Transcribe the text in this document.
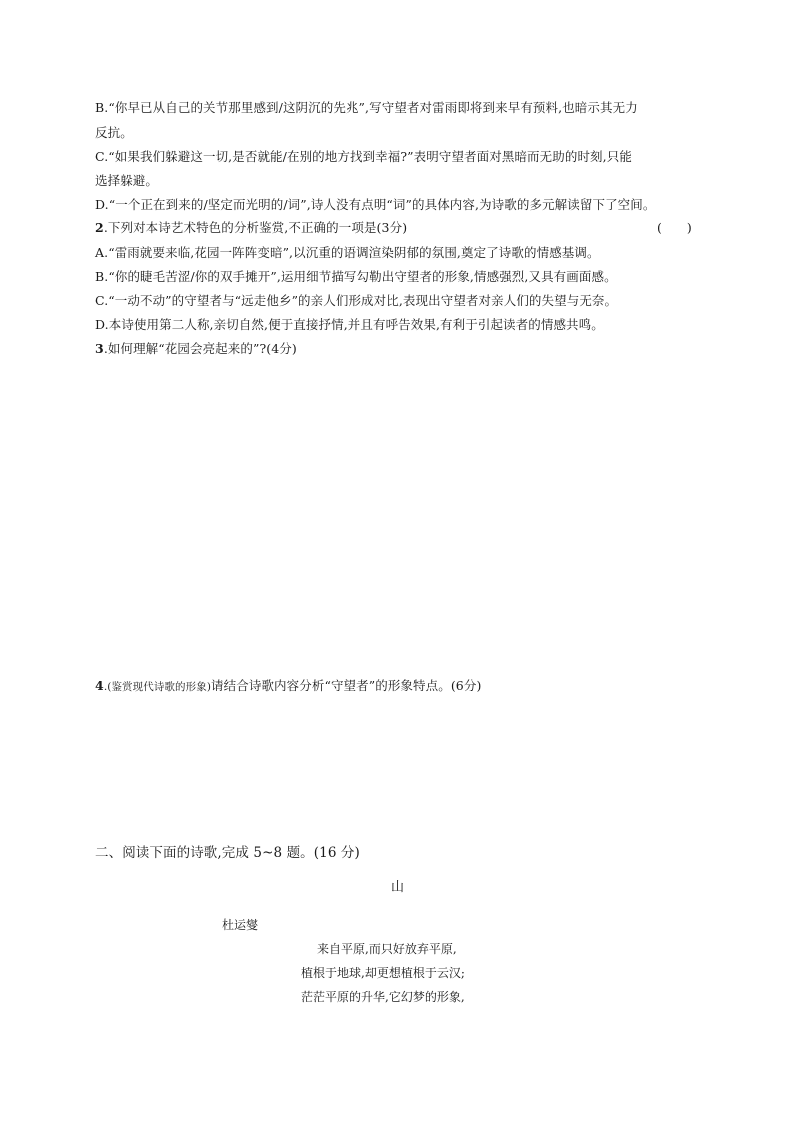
B.“你早已从自己的关节那里感到/这阴沉的先兆”,写守望者对雷雨即将到来早有预料,也暗示其无力
反抗。
C.“如果我们躲避这一切,是否就能/在别的地方找到幸福?”表明守望者面对黑暗而无助的时刻,只能
选择躲避。
D.“一个正在到来的/坚定而光明的/词”,诗人没有点明“词”的具体内容,为诗歌的多元解读留下了空间。
2.下列对本诗艺术特色的分析鉴赏,不正确的一项是(3分)	(　　)
A.“雷雨就要来临,花园一阵阵变暗”,以沉重的语调渲染阴郁的氛围,奠定了诗歌的情感基调。
B.“你的睫毛苦涩/你的双手摊开”,运用细节描写勾勒出守望者的形象,情感强烈,又具有画面感。
C.“一动不动”的守望者与“远走他乡”的亲人们形成对比,表现出守望者对亲人们的失望与无奈。
D.本诗使用第二人称,亲切自然,便于直接抒情,并且有呼告效果,有利于引起读者的情感共鸣。
3.如何理解“花园会亮起来的”?(4分)
4.(鉴赏现代诗歌的形象)请结合诗歌内容分析“守望者”的形象特点。(6分)
二、阅读下面的诗歌,完成 5~8 题。(16 分)
山
杜运燮
来自平原,而只好放弃平原,
植根于地球,却更想植根于云汉;
茫茫平原的升华,它幻梦的形象,
